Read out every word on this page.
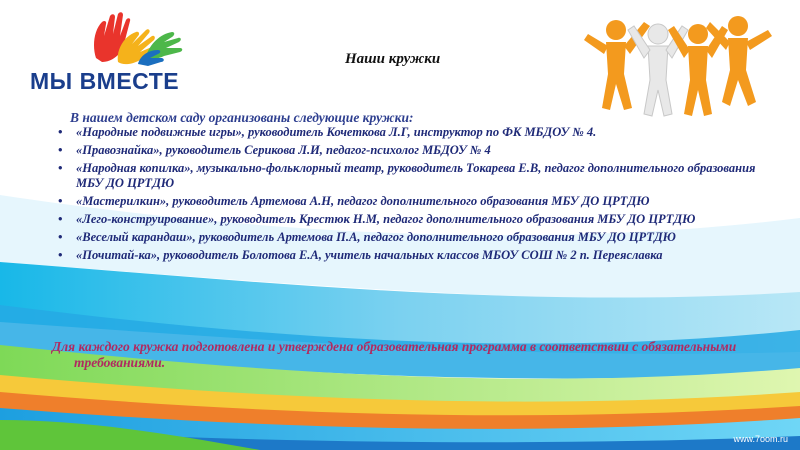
МЫ ВМЕСТЕ
Наши кружки
В нашем детском саду организованы следующие кружки:
• «Народные подвижные игры», руководитель Кочеткова Л.Г, инструктор по ФК МБДОУ № 4.
• «Правознайка», руководитель Серикова Л.И, педагог-психолог МБДОУ № 4
• «Народная копилка», музыкально-фольклорный театр, руководитель Токарева Е.В, педагог дополнительного образования МБУ ДО ЦРТДЮ
• «Мастерилкин», руководитель Артемова А.Н, педагог дополнительного образования МБУ ДО ЦРТДЮ
• «Лего-конструирование», руководитель Крестюк Н.М, педагог дополнительного образования МБУ ДО ЦРТДЮ
• «Веселый карандаш», руководитель Артемова П.А, педагог дополнительного образования МБУ ДО ЦРТДЮ
• «Почитай-ка», руководитель Болотова Е.А, учитель начальных классов МБОУ СОШ № 2 п. Переяславка
Для каждого кружка подготовлена и утверждена образовательная программа в соответствии с обязательными требованиями.
www.7oom.ru
